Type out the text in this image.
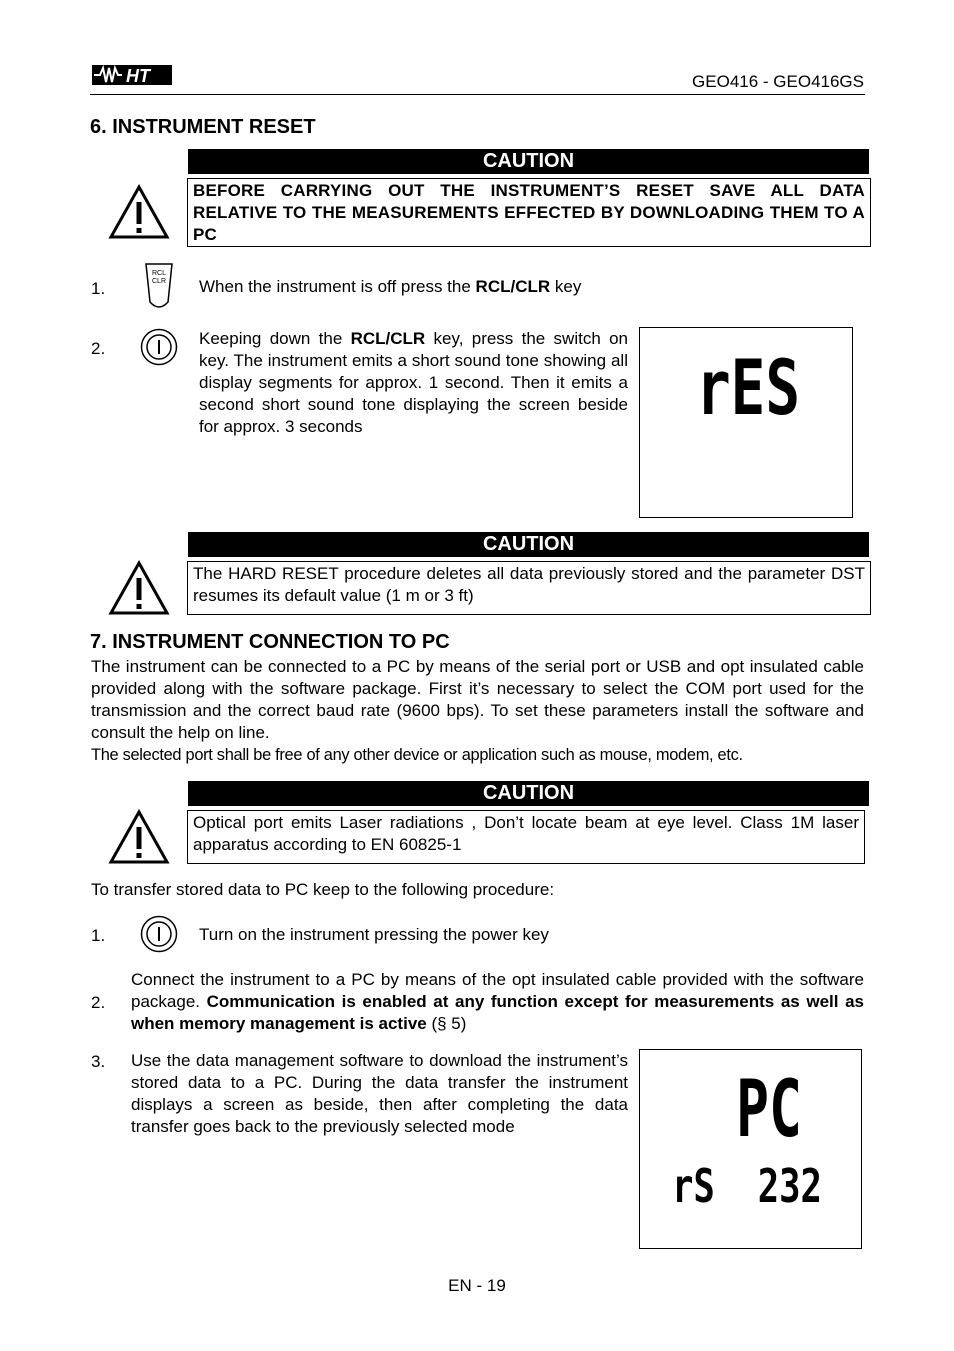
HT	GEO416 - GEO416GS
6. INSTRUMENT RESET
CAUTION
BEFORE CARRYING OUT THE INSTRUMENT’S RESET SAVE ALL DATA RELATIVE TO THE MEASUREMENTS EFFECTED BY DOWNLOADING THEM TO A PC
1.
RCL
CLR When the instrument is off press the RCL/CLR key
2.
Keeping down the RCL/CLR key, press the switch on key. The instrument emits a short sound tone showing all display segments for approx. 1 second. Then it emits a second short sound tone displaying the screen beside for approx. 3 seconds	rES
CAUTION
The HARD RESET procedure deletes all data previously stored and the parameter DST resumes its default value (1 m or 3 ft)
7. INSTRUMENT CONNECTION TO PC
The instrument can be connected to a PC by means of the serial port or USB and opt insulated cable provided along with the software package. First it’s necessary to select the COM port used for the transmission and the correct baud rate (9600 bps). To set these parameters install the software and consult the help on line.
The selected port shall be free of any other device or application such as mouse, modem, etc.
CAUTION
Optical port emits Laser radiations , Don’t locate beam at eye level. Class 1M laser apparatus according to EN 60825-1
To transfer stored data to PC keep to the following procedure:
1.	Turn on the instrument pressing the power key
2.
Connect the instrument to a PC by means of the opt insulated cable provided with the software package. Communication is enabled at any function except for measurements as well as when memory management is active (§ 5)
3. Use the data management software to download the instrument’s stored data to a PC. During the data transfer the instrument displays a screen as beside, then after completing the data transfer goes back to the previously selected mode	PC
rS  232
EN - 19
